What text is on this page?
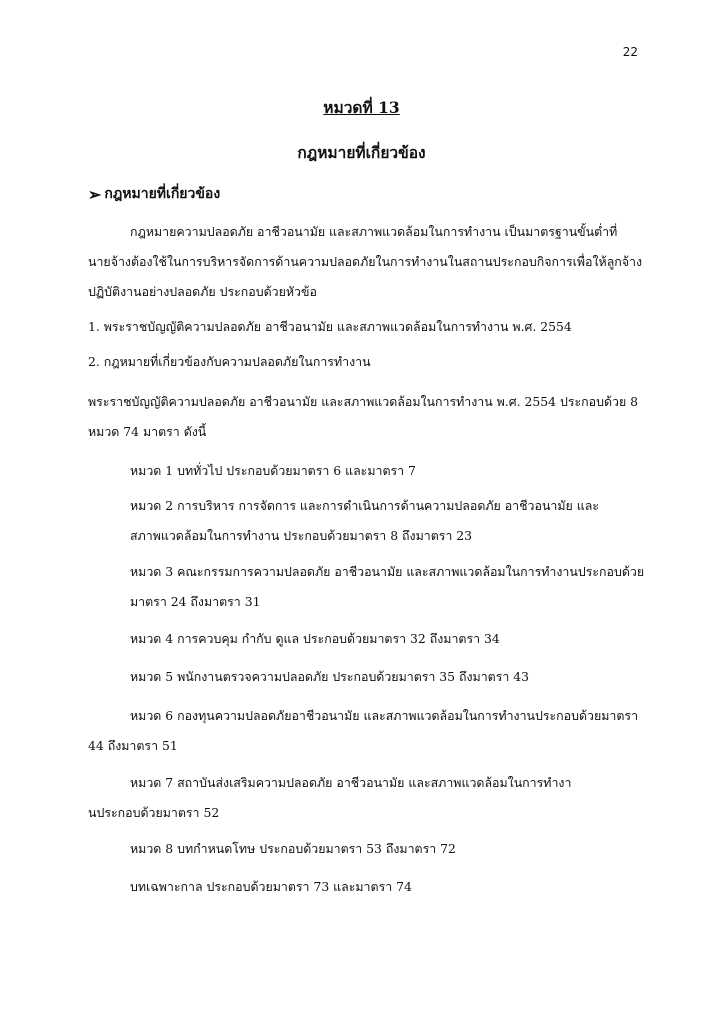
22
หมวดที่ 13
กฎหมายที่เกี่ยวข้อง
➢ กฎหมายที่เกี่ยวข้อง
กฎหมายความปลอดภัย อาชีวอนามัย และสภาพแวดล้อมในการทำงาน เป็นมาตรฐานขั้นต่ำที่
นายจ้างต้องใช้ในการบริหารจัดการด้านความปลอดภัยในการทำงานในสถานประกอบกิจการเพื่อให้ลูกจ้าง
ปฏิบัติงานอย่างปลอดภัย ประกอบด้วยหัวข้อ
1. พระราชบัญญัติความปลอดภัย อาชีวอนามัย และสภาพแวดล้อมในการทำงาน พ.ศ. 2554
2. กฎหมายที่เกี่ยวข้องกับความปลอดภัยในการทำงาน
พระราชบัญญัติความปลอดภัย อาชีวอนามัย และสภาพแวดล้อมในการทำงาน พ.ศ. 2554 ประกอบด้วย 8
หมวด 74 มาตรา ดังนี้
หมวด 1 บททั่วไป ประกอบด้วยมาตรา 6 และมาตรา 7
หมวด 2 การบริหาร การจัดการ และการดำเนินการด้านความปลอดภัย อาชีวอนามัย และ
สภาพแวดล้อมในการทำงาน ประกอบด้วยมาตรา 8 ถึงมาตรา 23
หมวด 3 คณะกรรมการความปลอดภัย อาชีวอนามัย และสภาพแวดล้อมในการทำงานประกอบด้วย
มาตรา 24 ถึงมาตรา 31
หมวด 4 การควบคุม กำกับ ดูแล ประกอบด้วยมาตรา 32 ถึงมาตรา 34
หมวด 5 พนักงานตรวจความปลอดภัย ประกอบด้วยมาตรา 35 ถึงมาตรา 43
หมวด 6 กองทุนความปลอดภัยอาชีวอนามัย และสภาพแวดล้อมในการทำงานประกอบด้วยมาตรา
44 ถึงมาตรา 51
หมวด 7 สถาบันส่งเสริมความปลอดภัย อาชีวอนามัย และสภาพแวดล้อมในการทำงา
นประกอบด้วยมาตรา 52
หมวด 8 บทกำหนดโทษ ประกอบด้วยมาตรา 53 ถึงมาตรา 72
บทเฉพาะกาล ประกอบด้วยมาตรา 73 และมาตรา 74
